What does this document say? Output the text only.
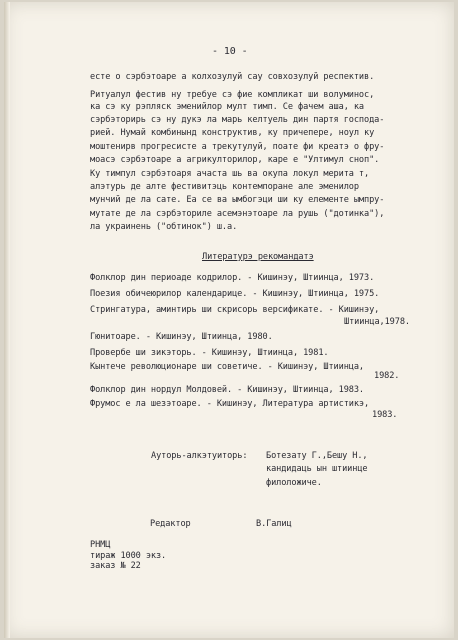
- 10 -
есте о сэрбэтоаре а колхозулуй сау совхозулуй респектив.
Ритуалул фестив ну требуе сэ фие компликат ши волуминос,
ка сэ ку рэпляск эменийлор мулт тимп. Се фачем аша, ка
сэрбэторирь сэ ну дукэ ла марь келтуель дин партя господа-
рией. Нумай комбинынд конструктив, ку причепере, ноул ку
моштенирв прогресисте а трекутулуй, поате фи креатэ о фру-
моасэ сэрбэтоаре а агрикулторилор, каре е "Ултимул сноп".
Ку тимпул сэрбэтоаря ачаста шь ва окупа локул мерита т,
алэтурь де алте фестивитэць контемпоране але эменилор
мунчий де ла сате. Еа се ва ымбогэци ши ку елементе ымпру-
мутате де ла сэрбэториле асемэнэтоаре ла рушь ("дотинка"),
ла украинень ("обтинок") ш.а.
Литературэ рекомандатэ
Фолклор дин периоаде кодрилор. - Кишинэу, Штиинца, 1973.
Поезия обичеюрилор календарице. - Кишинэу, Штиинца, 1975.
Стрингатура, аминтирь ши скрисорь версификате. - Кишинэу,
Штиинца,1978.
Гюнитоаре. - Кишинэу, Штиинца, 1980.
Провербе ши зикэторь. - Кишинэу, Штиинца, 1981.
Кынтече революционаре ши советиче. - Кишинэу, Штиинца,
1982.
Фолклор дин нордул Молдовей. - Кишинэу, Штиинца, 1983.
Фрумос е ла шезэтоаре. - Кишинэу, Литература артистикэ,
1983.
Ауторь-алкэтуиторь: Ботезату Г.,Бешу Н.,
кандидаць ын штиинце
филоложиче.
Редактор	В.Галиц
РНМЦ
тираж 1000 экз.
заказ № 22
